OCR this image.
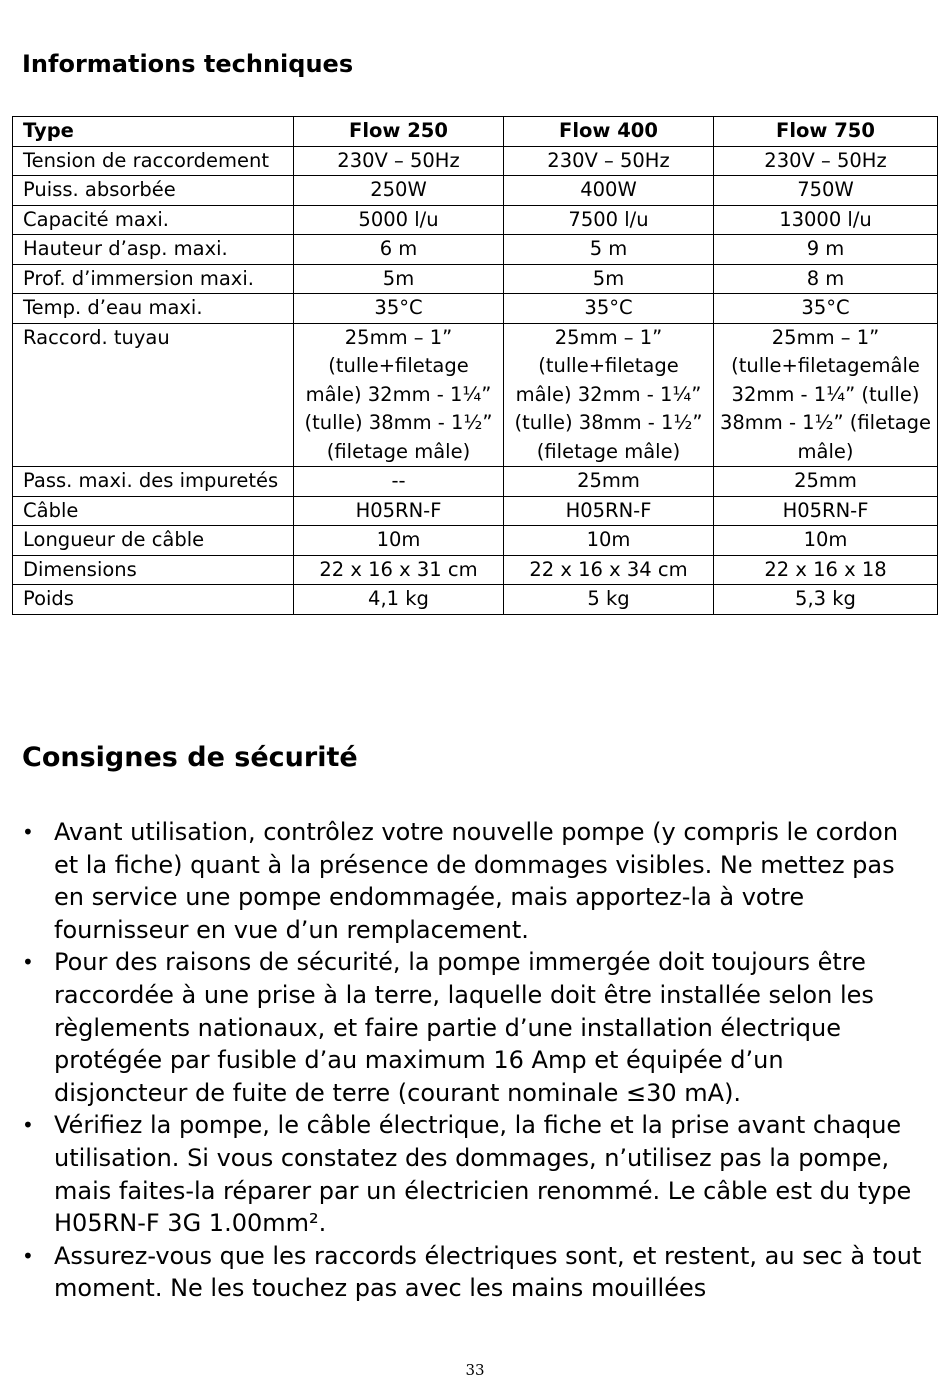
Informations techniques
Type	Flow 250	Flow 400	Flow 750
Tension de raccordement	230V – 50Hz	230V – 50Hz	230V – 50Hz
Puiss. absorbée	250W	400W	750W
Capacité maxi.	5000 l/u	7500 l/u	13000 l/u
Hauteur d’asp. maxi.	6 m	5 m	9 m
Prof. d’immersion maxi.	5m	5m	8 m
Temp. d’eau maxi.	35°C	35°C	35°C
Raccord. tuyau	25mm – 1” (tulle+filetage mâle) 32mm - 1¼” (tulle) 38mm - 1½” (filetage mâle)	25mm – 1” (tulle+filetage mâle) 32mm - 1¼” (tulle) 38mm - 1½” (filetage mâle)	25mm – 1” (tulle+filetagemâle 32mm - 1¼” (tulle) 38mm - 1½” (filetage mâle)
Pass. maxi. des impuretés	--	25mm	25mm
Câble	H05RN-F	H05RN-F	H05RN-F
Longueur de câble	10m	10m	10m
Dimensions	22 x 16 x 31 cm	22 x 16 x 34 cm	22 x 16 x 18
Poids	4,1 kg	5 kg	5,3 kg
Consignes de sécurité
• Avant utilisation, contrôlez votre nouvelle pompe (y compris le cordon et la fiche) quant à la présence de dommages visibles. Ne mettez pas en service une pompe endommagée, mais apportez-la à votre fournisseur en vue d’un remplacement.
• Pour des raisons de sécurité, la pompe immergée doit toujours être raccordée à une prise à la terre, laquelle doit être installée selon les règlements nationaux, et faire partie d’une installation électrique protégée par fusible d’au maximum 16 Amp et équipée d’un disjoncteur de fuite de terre (courant nominale ≤30 mA).
• Vérifiez la pompe, le câble électrique, la fiche et la prise avant chaque utilisation. Si vous constatez des dommages, n’utilisez pas la pompe, mais faites-la réparer par un électricien renommé. Le câble est du type H05RN-F 3G 1.00mm².
• Assurez-vous que les raccords électriques sont, et restent, au sec à tout moment. Ne les touchez pas avec les mains mouillées
33
